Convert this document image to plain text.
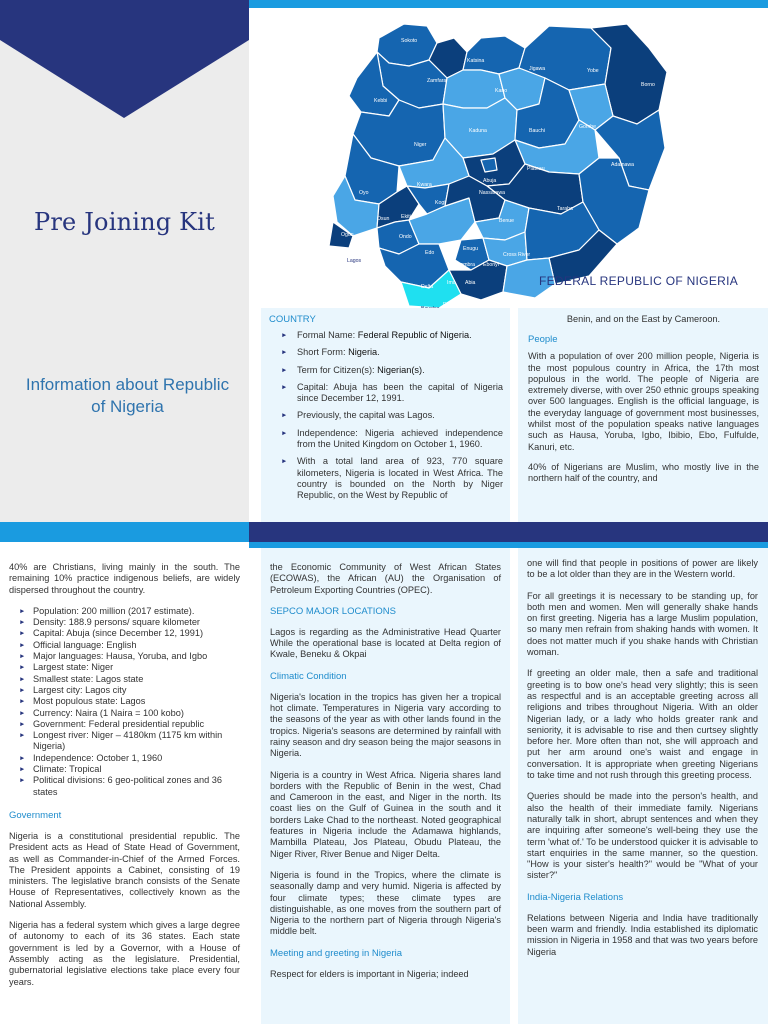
Pre Joining Kit
Information about Republic of Nigeria
Sokoto
Katsina
Jigawa	Yobe
Borno
Zamfara
Kano
Kebbi
Kaduna	Bauchi
Gombe
Niger
Plateau
Adamawa
Abuja
Nassarawa
Oyo
Kwara
Kogi
Benue
Taraba
Osun Ekiti
Ogun	Ondo
Edo
Enugu
Anambra Ebonyi
Cross River
Imo Abia
Lagos
Delta
Rivers	Akwa Ibom
FEDERAL REPUBLIC OF NIGERIA
COUNTRY
► Formal Name: Federal Republic of Nigeria.
► Short Form: Nigeria.
► Term for Citizen(s): Nigerian(s).
► Capital: Abuja has been the capital of Nigeria since December 12, 1991.
► Previously, the capital was Lagos.
► Independence: Nigeria achieved independence from the United Kingdom on October 1, 1960.
► With a total land area of 923, 770 square kilometers, Nigeria is located in West Africa. The country is bounded on the North by Niger Republic, on the West by Republic of

Benin, and on the East by Cameroon.

People

With a population of over 200 million people, Nigeria is the most populous country in Africa, the 17th most populous in the world. The people of Nigeria are extremely diverse, with over 250 ethnic groups speaking over 500 languages. English is the official language, is the everyday language of government most businesses, whilst most of the population speaks native languages such as Hausa, Yoruba, Igbo, Ibibio, Ebo, Fulfulde, Kanuri, etc.

40% of Nigerians are Muslim, who mostly live in the northern half of the country, and

40% are Christians, living mainly in the south. The remaining 10% practice indigenous beliefs, are widely dispersed throughout the country.

► Population: 200 million (2017 estimate).
► Density: 188.9 persons/ square kilometer
► Capital: Abuja (since December 12, 1991)
► Official language: English
► Major languages: Hausa, Yoruba, and Igbo
► Largest state: Niger
► Smallest state: Lagos state
► Largest city: Lagos city
► Most populous state: Lagos
► Currency: Naira (1 Naira = 100 kobo)
► Government: Federal presidential republic
► Longest river: Niger – 4180km (1175 km within Nigeria)
► Independence: October 1, 1960
► Climate: Tropical
► Political divisions: 6 geo-political zones and 36 states
Government

Nigeria is a constitutional presidential republic. The President acts as Head of State Head of Government, as well as Commander-in-Chief of the Armed Forces. The President appoints a Cabinet, consisting of 19 ministers. The legislative branch consists of the Senate House of Representatives, collectively known as the National Assembly.

Nigeria has a federal system which gives a large degree of autonomy to each of its 36 states. Each state government is led by a Governor, with a House of Assembly acting as the legislature. Presidential, gubernatorial legislative elections take place every four years.

the Economic Community of West African States (ECOWAS), the African (AU) the Organisation of Petroleum Exporting Countries (OPEC).

SEPCO MAJOR LOCATIONS

Lagos is regarding as the Administrative Head Quarter While the operational base is located at Delta region of Kwale, Beneku & Okpai

Climatic Condition

Nigeria's location in the tropics has given her a tropical hot climate. Temperatures in Nigeria vary according to the seasons of the year as with other lands found in the tropics. Nigeria's seasons are determined by rainfall with rainy season and dry season being the major seasons in Nigeria.

Nigeria is a country in West Africa. Nigeria shares land borders with the Republic of Benin in the west, Chad and Cameroon in the east, and Niger in the north. Its coast lies on the Gulf of Guinea in the south and it borders Lake Chad to the northeast. Noted geographical features in Nigeria include the Adamawa highlands, Mambilla Plateau, Jos Plateau, Obudu Plateau, the Niger River, River Benue and Niger Delta.

Nigeria is found in the Tropics, where the climate is seasonally damp and very humid. Nigeria is affected by four climate types; these climate types are distinguishable, as one moves from the southern part of Nigeria to the northern part of Nigeria through Nigeria's middle belt.

Meeting and greeting in Nigeria

Respect for elders is important in Nigeria; indeed

one will find that people in positions of power are likely to be a lot older than they are in the Western world.

For all greetings it is necessary to be standing up, for both men and women. Men will generally shake hands on first greeting. Nigeria has a large Muslim population, so many men refrain from shaking hands with women. It does not matter much if you shake hands with Christian woman.

If greeting an older male, then a safe and traditional greeting is to bow one's head very slightly; this is seen as respectful and is an acceptable greeting across all religions and tribes throughout Nigeria. With an older Nigerian lady, or a lady who holds greater rank and seniority, it is advisable to rise and then curtsey slightly before her. More often than not, she will approach and put her arm around one's waist and engage in conversation. It is appropriate when greeting Nigerians to take time and not rush through this greeting process.

Queries should be made into the person's health, and also the health of their immediate family. Nigerians naturally talk in short, abrupt sentences and when they are inquiring after someone's well-being they use the term 'what of.' To be understood quicker it is advisable to start enquiries in the same manner, so the question. "How is your sister's health?" would be "What of your sister?"

India-Nigeria Relations

Relations between Nigeria and India have traditionally been warm and friendly. India established its diplomatic mission in Nigeria in 1958 and that was two years before Nigeria
